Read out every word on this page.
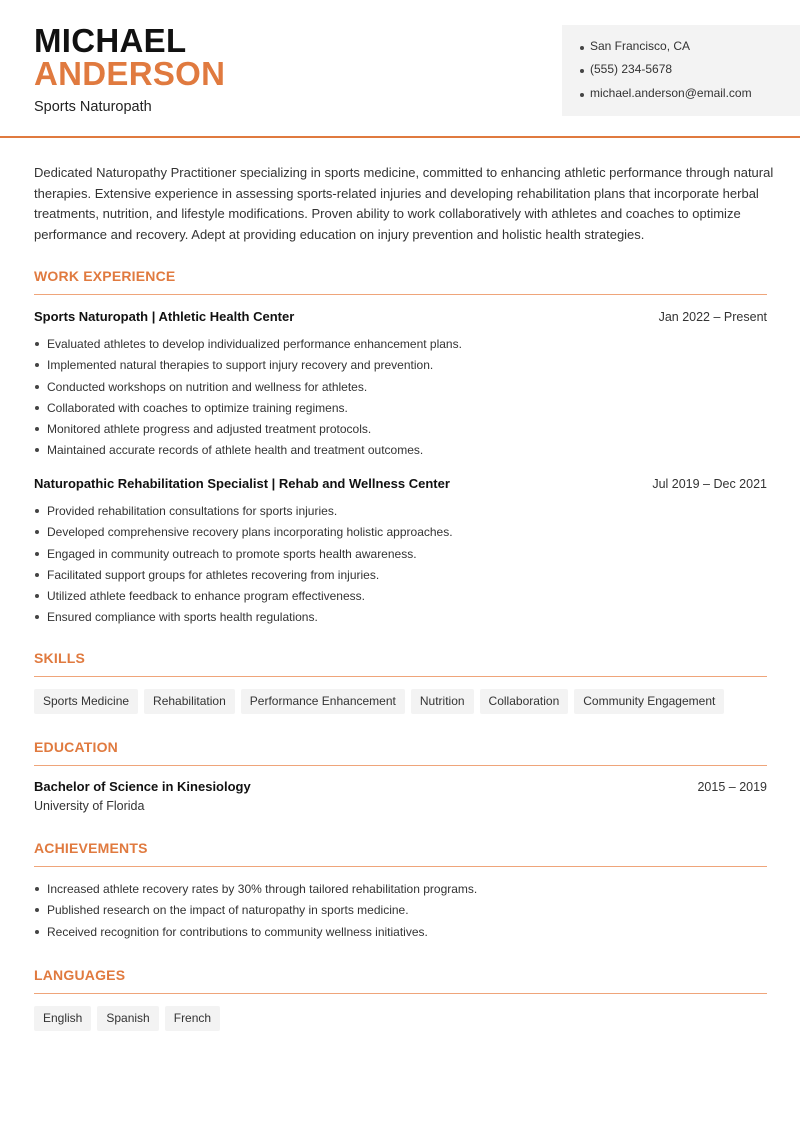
MICHAEL
ANDERSON
Sports Naturopath
San Francisco, CA
(555) 234-5678
michael.anderson@email.com

Dedicated Naturopathy Practitioner specializing in sports medicine, committed to enhancing athletic performance through natural therapies. Extensive experience in assessing sports-related injuries and developing rehabilitation plans that incorporate herbal treatments, nutrition, and lifestyle modifications. Proven ability to work collaboratively with athletes and coaches to optimize performance and recovery. Adept at providing education on injury prevention and holistic health strategies.

WORK EXPERIENCE
Sports Naturopath | Athletic Health Center	Jan 2022 – Present
Evaluated athletes to develop individualized performance enhancement plans.
Implemented natural therapies to support injury recovery and prevention.
Conducted workshops on nutrition and wellness for athletes.
Collaborated with coaches to optimize training regimens.
Monitored athlete progress and adjusted treatment protocols.
Maintained accurate records of athlete health and treatment outcomes.
Naturopathic Rehabilitation Specialist | Rehab and Wellness Center	Jul 2019 – Dec 2021
Provided rehabilitation consultations for sports injuries.
Developed comprehensive recovery plans incorporating holistic approaches.
Engaged in community outreach to promote sports health awareness.
Facilitated support groups for athletes recovering from injuries.
Utilized athlete feedback to enhance program effectiveness.
Ensured compliance with sports health regulations.
SKILLS
Sports Medicine	Rehabilitation	Performance Enhancement	Nutrition	Collaboration	Community Engagement
EDUCATION
Bachelor of Science in Kinesiology	2015 – 2019
University of Florida
ACHIEVEMENTS
Increased athlete recovery rates by 30% through tailored rehabilitation programs.
Published research on the impact of naturopathy in sports medicine.
Received recognition for contributions to community wellness initiatives.
LANGUAGES
English	Spanish	French
